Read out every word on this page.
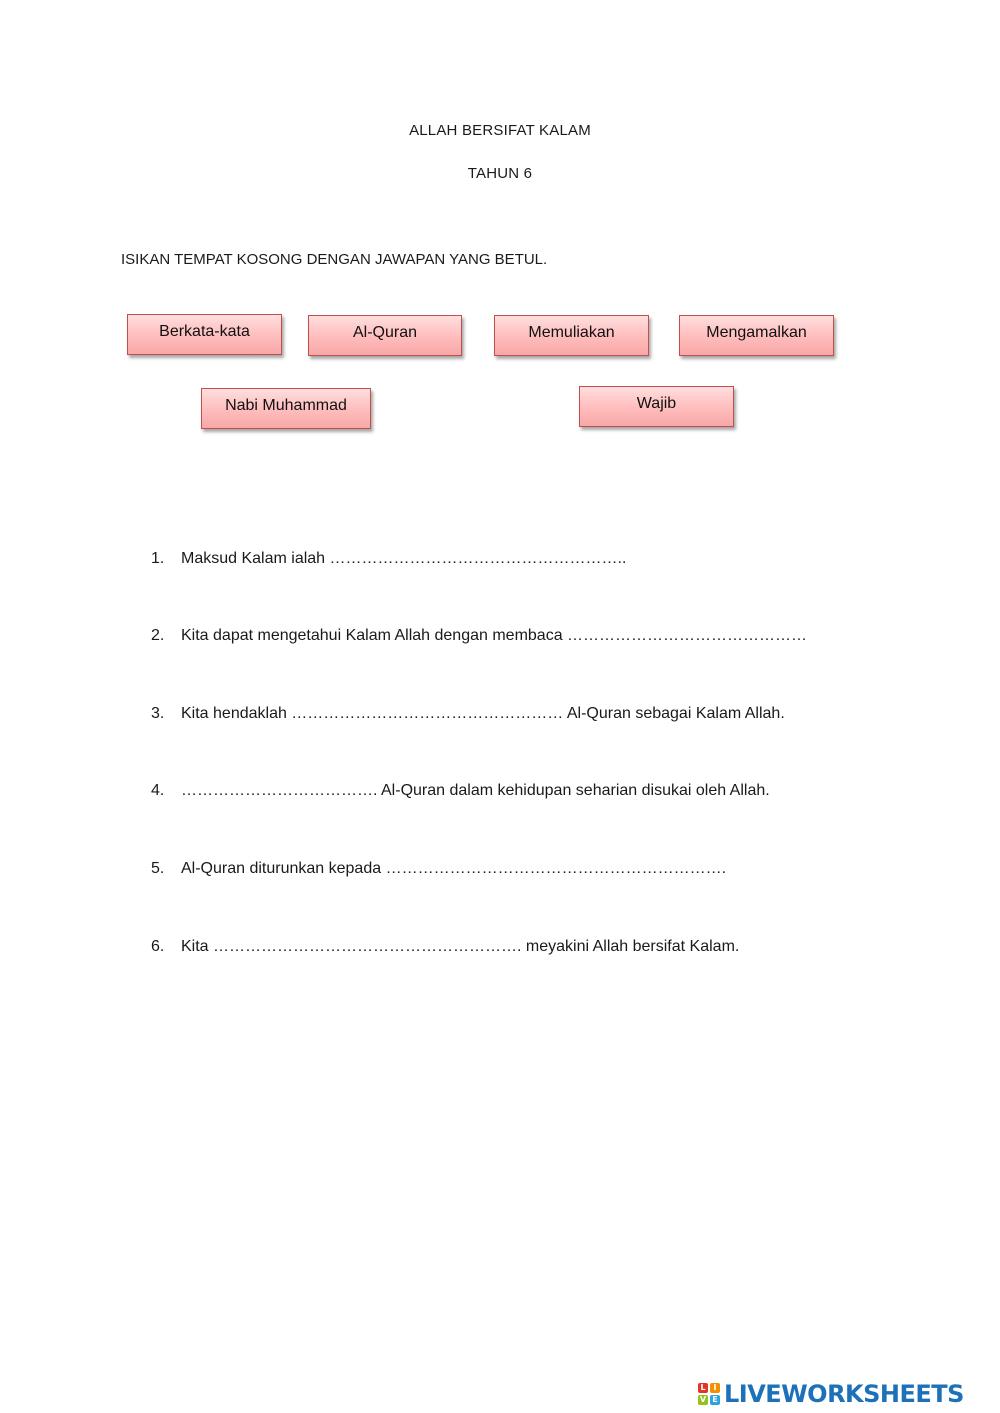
ALLAH BERSIFAT KALAM
TAHUN 6
ISIKAN TEMPAT KOSONG DENGAN JAWAPAN YANG BETUL.
Berkata-kata	Al-Quran	Memuliakan	Mengamalkan
Nabi Muhammad	Wajib
1. Maksud Kalam ialah ………………………………………………..
2. Kita dapat mengetahui Kalam Allah dengan membaca ………………………………………
3. Kita hendaklah …………………………………………… Al-Quran sebagai Kalam Allah.
4. ………………………………. Al-Quran dalam kehidupan seharian disukai oleh Allah.
5. Al-Quran diturunkan kepada ……………………………………………………….
6. Kita …………………………………………………. meyakini Allah bersifat Kalam.
L I
V E LIVEWORKSHEETS
